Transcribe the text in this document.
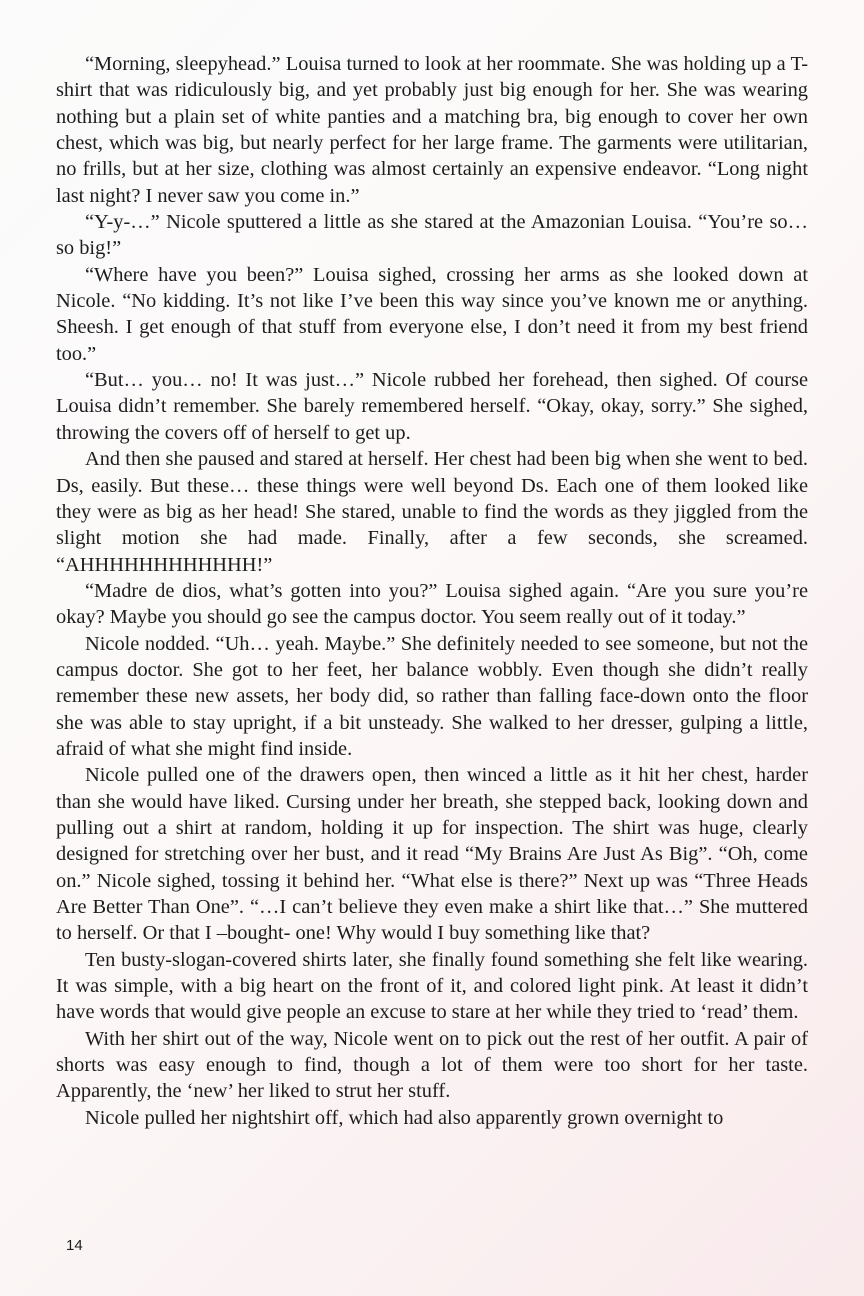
“Morning, sleepyhead.” Louisa turned to look at her roommate. She was holding up a T-shirt that was ridiculously big, and yet probably just big enough for her. She was wearing nothing but a plain set of white panties and a matching bra, big enough to cover her own chest, which was big, but nearly perfect for her large frame. The garments were utilitarian, no frills, but at her size, clothing was almost certainly an expensive endeavor. “Long night last night? I never saw you come in.”

“Y-y-…” Nicole sputtered a little as she stared at the Amazonian Louisa. “You’re so… so big!”

“Where have you been?” Louisa sighed, crossing her arms as she looked down at Nicole. “No kidding. It’s not like I’ve been this way since you’ve known me or anything. Sheesh. I get enough of that stuff from everyone else, I don’t need it from my best friend too.”

“But… you… no! It was just…” Nicole rubbed her forehead, then sighed. Of course Louisa didn’t remember. She barely remembered herself. “Okay, okay, sorry.” She sighed, throwing the covers off of herself to get up.

And then she paused and stared at herself. Her chest had been big when she went to bed. Ds, easily. But these… these things were well beyond Ds. Each one of them looked like they were as big as her head! She stared, unable to find the words as they jiggled from the slight motion she had made. Finally, after a few seconds, she screamed. “AHHHHHHHHHHHH!”

“Madre de dios, what’s gotten into you?” Louisa sighed again. “Are you sure you’re okay? Maybe you should go see the campus doctor. You seem really out of it today.”

Nicole nodded. “Uh… yeah. Maybe.” She definitely needed to see someone, but not the campus doctor. She got to her feet, her balance wobbly. Even though she didn’t really remember these new assets, her body did, so rather than falling face-down onto the floor she was able to stay upright, if a bit unsteady. She walked to her dresser, gulping a little, afraid of what she might find inside.

Nicole pulled one of the drawers open, then winced a little as it hit her chest, harder than she would have liked. Cursing under her breath, she stepped back, looking down and pulling out a shirt at random, holding it up for inspection. The shirt was huge, clearly designed for stretching over her bust, and it read “My Brains Are Just As Big”. “Oh, come on.” Nicole sighed, tossing it behind her. “What else is there?” Next up was “Three Heads Are Better Than One”. “…I can’t believe they even make a shirt like that…” She muttered to herself. Or that I –bought- one! Why would I buy something like that?

Ten busty-slogan-covered shirts later, she finally found something she felt like wearing. It was simple, with a big heart on the front of it, and colored light pink. At least it didn’t have words that would give people an excuse to stare at her while they tried to ‘read’ them.

With her shirt out of the way, Nicole went on to pick out the rest of her outfit. A pair of shorts was easy enough to find, though a lot of them were too short for her taste. Apparently, the ‘new’ her liked to strut her stuff.

Nicole pulled her nightshirt off, which had also apparently grown overnight to

14
